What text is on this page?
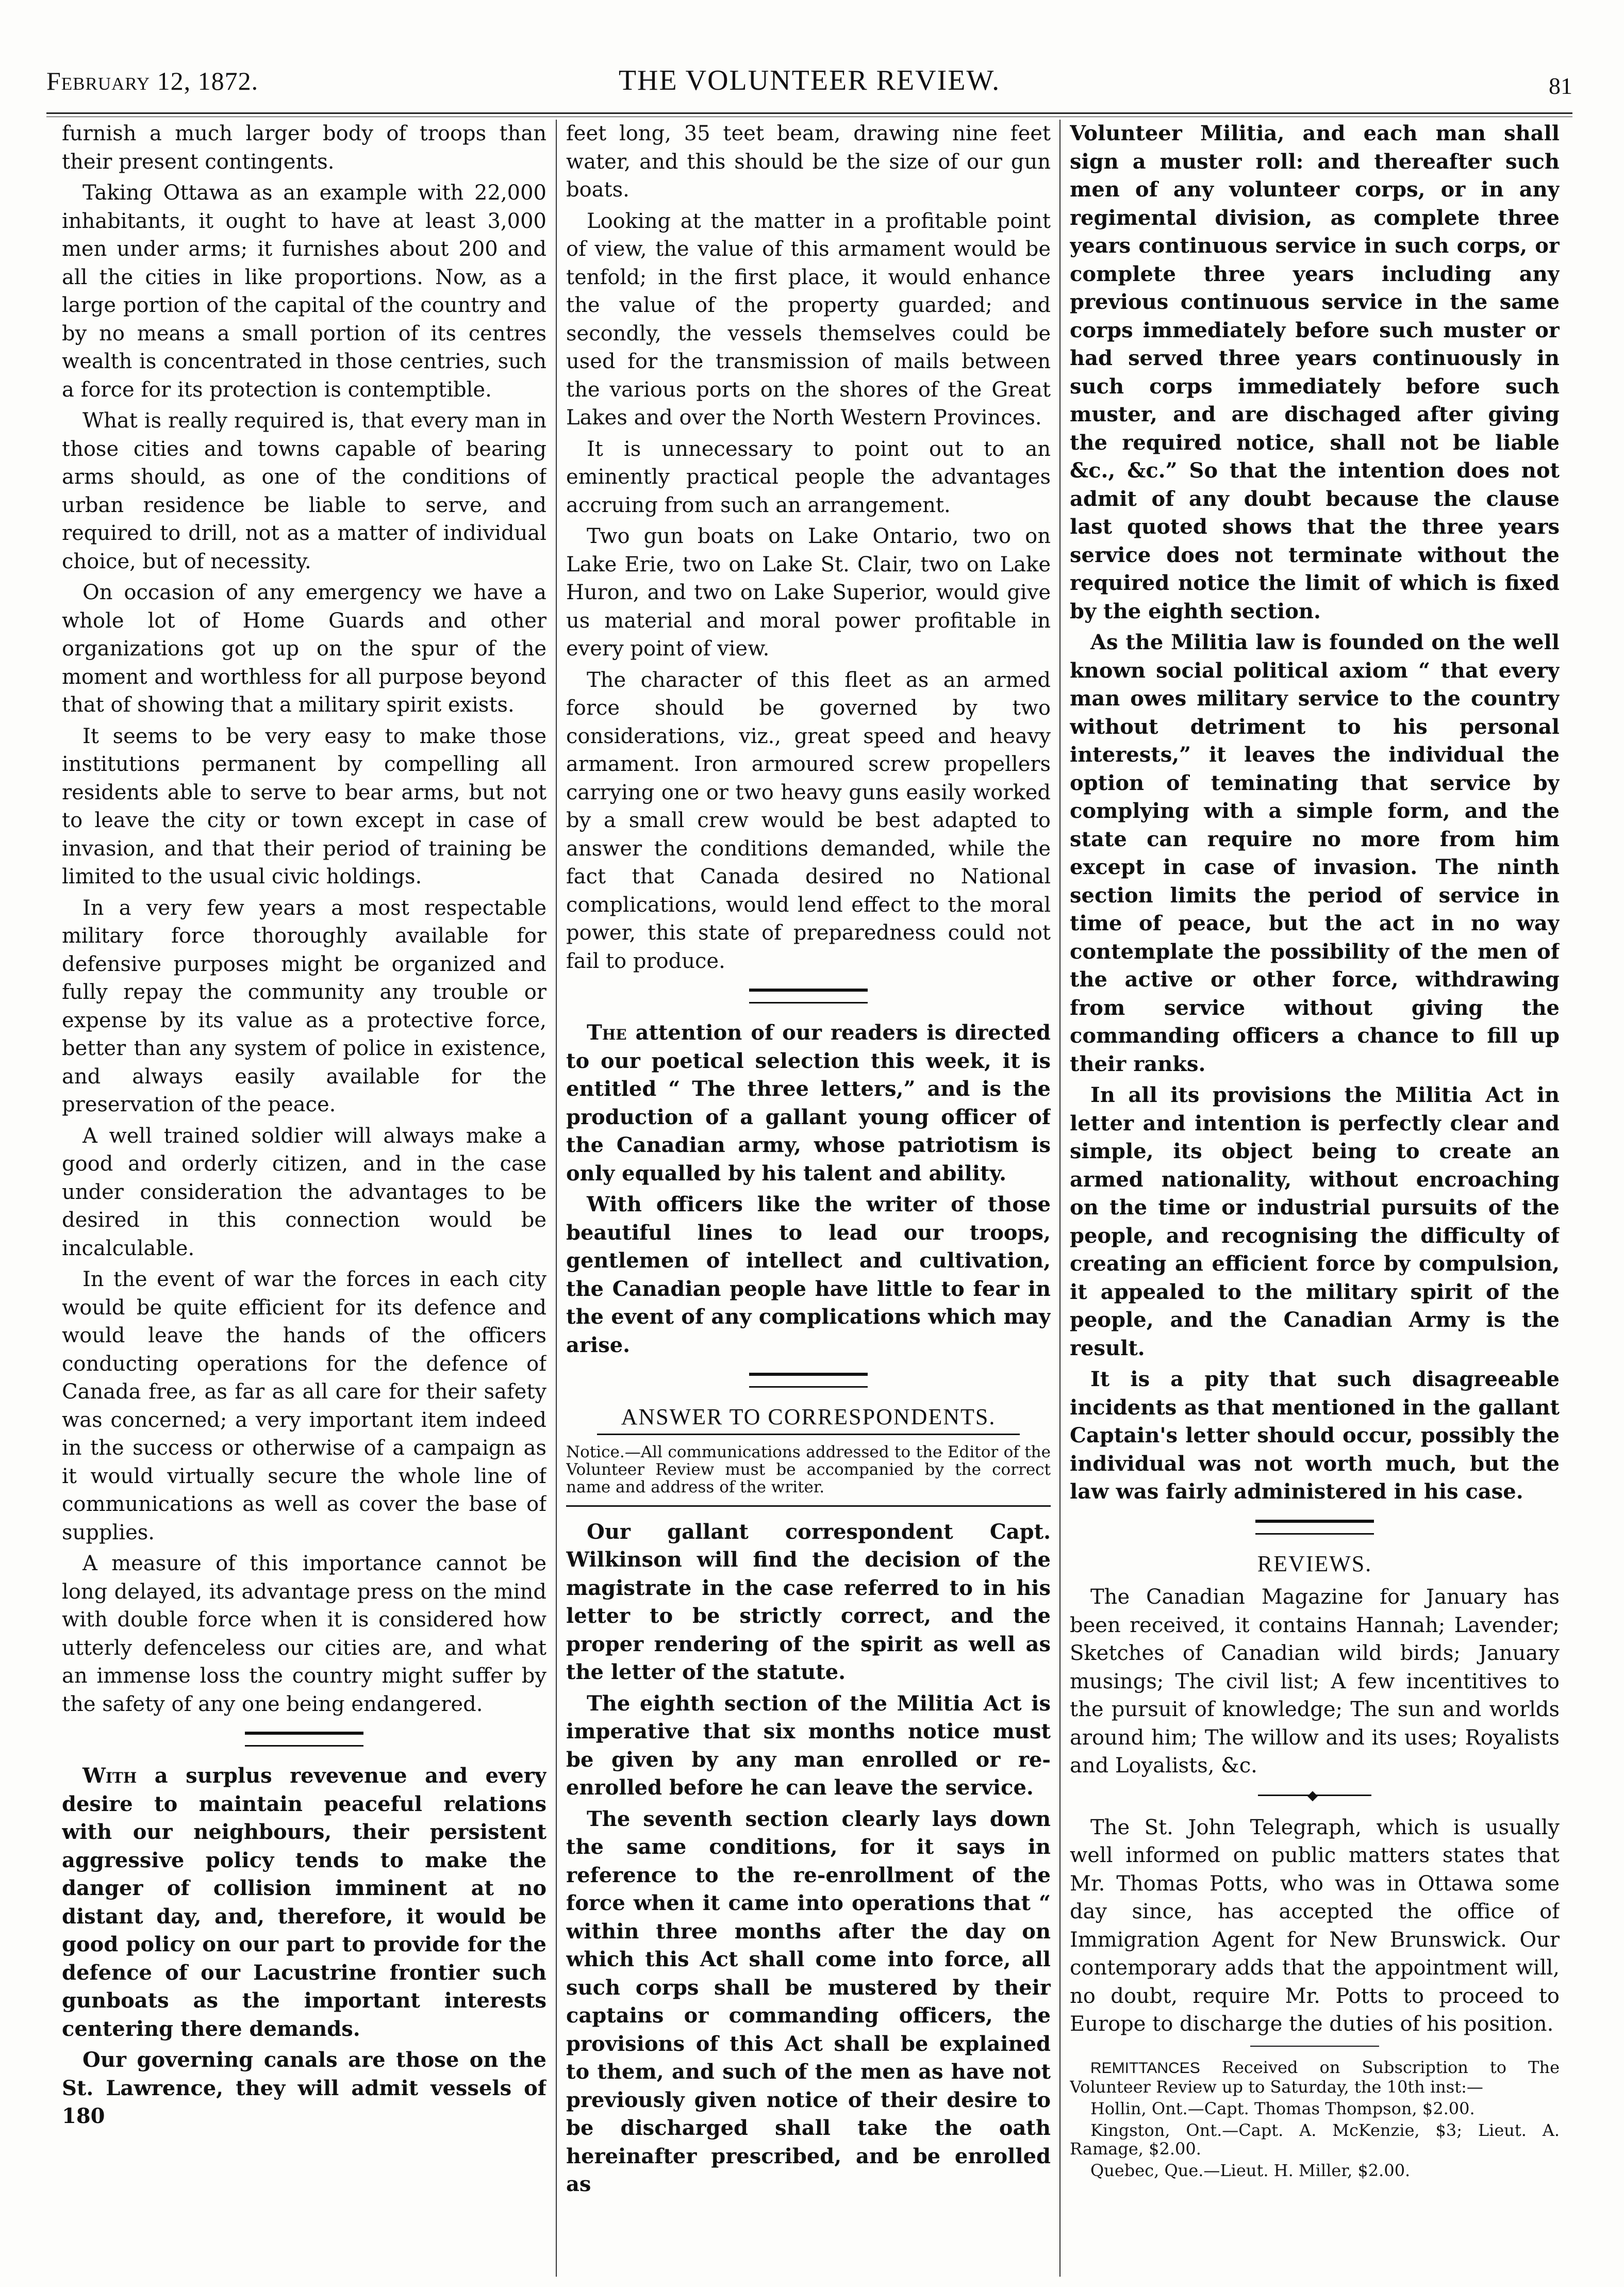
February 12, 1872.	THE VOLUNTEER REVIEW.	81

furnish a much larger body of troops than their present contingents.

Taking Ottawa as an example with 22,000 inhabitants, it ought to have at least 3,000 men under arms; it furnishes about 200 and all the cities in like proportions. Now, as a large portion of the capital of the country and by no means a small portion of its centres wealth is concentrated in those centries, such a force for its protection is contemptible.

What is really required is, that every man in those cities and towns capable of bearing arms should, as one of the conditions of urban residence be liable to serve, and required to drill, not as a matter of individual choice, but of necessity.

On occasion of any emergency we have a whole lot of Home Guards and other organizations got up on the spur of the moment and worthless for all purpose beyond that of showing that a military spirit exists.

It seems to be very easy to make those institutions permanent by compelling all residents able to serve to bear arms, but not to leave the city or town except in case of invasion, and that their period of training be limited to the usual civic holdings.

In a very few years a most respectable military force thoroughly available for defensive purposes might be organized and fully repay the community any trouble or expense by its value as a protective force, better than any system of police in existence, and always easily available for the preservation of the peace.

A well trained soldier will always make a good and orderly citizen, and in the case under consideration the advantages to be desired in this connection would be incalculable.

In the event of war the forces in each city would be quite efficient for its defence and would leave the hands of the officers conducting operations for the defence of Canada free, as far as all care for their safety was concerned; a very important item indeed in the success or otherwise of a campaign as it would virtually secure the whole line of communications as well as cover the base of supplies.

A measure of this importance cannot be long delayed, its advantage press on the mind with double force when it is considered how utterly defenceless our cities are, and what an immense loss the country might suffer by the safety of any one being endangered.

With a surplus revevenue and every desire to maintain peaceful relations with our neighbours, their persistent aggressive policy tends to make the danger of collision imminent at no distant day, and, therefore, it would be good policy on our part to provide for the defence of our Lacustrine frontier such gunboats as the important interests centering there demands.

Our governing canals are those on the St. Lawrence, they will admit vessels of 180

feet long, 35 teet beam, drawing nine feet water, and this should be the size of our gun boats.

Looking at the matter in a profitable point of view, the value of this armament would be tenfold; in the first place, it would enhance the value of the property guarded; and secondly, the vessels themselves could be used for the transmission of mails between the various ports on the shores of the Great Lakes and over the North Western Provinces.

It is unnecessary to point out to an eminently practical people the advantages accruing from such an arrangement.

Two gun boats on Lake Ontario, two on Lake Erie, two on Lake St. Clair, two on Lake Huron, and two on Lake Superior, would give us material and moral power profitable in every point of view.

The character of this fleet as an armed force should be governed by two considerations, viz., great speed and heavy armament. Iron armoured screw propellers carrying one or two heavy guns easily worked by a small crew would be best adapted to answer the conditions demanded, while the fact that Canada desired no National complications, would lend effect to the moral power, this state of preparedness could not fail to produce.

The attention of our readers is directed to our poetical selection this week, it is entitled “ The three letters,” and is the production of a gallant young officer of the Canadian army, whose patriotism is only equalled by his talent and ability.

With officers like the writer of those beautiful lines to lead our troops, gentlemen of intellect and cultivation, the Canadian people have little to fear in the event of any complications which may arise.

ANSWER TO CORRESPONDENTS.
Notice.—All communications addressed to the Editor of the Volunteer Review must be accompanied by the correct name and address of the writer.

Our gallant correspondent Capt. Wilkinson will find the decision of the magistrate in the case referred to in his letter to be strictly correct, and the proper rendering of the spirit as well as the letter of the statute.

The eighth section of the Militia Act is imperative that six months notice must be given by any man enrolled or re-enrolled before he can leave the service.

The seventh section clearly lays down the same conditions, for it says in reference to the re-enrollment of the force when it came into operations that “ within three months after the day on which this Act shall come into force, all such corps shall be mustered by their captains or commanding officers, the provisions of this Act shall be explained to them, and such of the men as have not previously given notice of their desire to be discharged shall take the oath hereinafter prescribed, and be enrolled as

Volunteer Militia, and each man shall sign a muster roll: and thereafter such men of any volunteer corps, or in any regimental division, as complete three years continuous service in such corps, or complete three years including any previous continuous service in the same corps immediately before such muster or had served three years continuously in such corps immediately before such muster, and are dischaged after giving the required notice, shall not be liable &c., &c.” So that the intention does not admit of any doubt because the clause last quoted shows that the three years service does not terminate without the required notice the limit of which is fixed by the eighth section.

As the Militia law is founded on the well known social political axiom “ that every man owes military service to the country without detriment to his personal interests,” it leaves the individual the option of teminating that service by complying with a simple form, and the state can require no more from him except in case of invasion. The ninth section limits the period of service in time of peace, but the act in no way contemplate the possibility of the men of the active or other force, withdrawing from service without giving the commanding officers a chance to fill up their ranks.

In all its provisions the Militia Act in letter and intention is perfectly clear and simple, its object being to create an armed nationality, without encroaching on the time or industrial pursuits of the people, and recognising the difficulty of creating an efficient force by compulsion, it appealed to the military spirit of the people, and the Canadian Army is the result.

It is a pity that such disagreeable incidents as that mentioned in the gallant Captain's letter should occur, possibly the individual was not worth much, but the law was fairly administered in his case.

REVIEWS.

The Canadian Magazine for January has been received, it contains Hannah; Lavender; Sketches of Canadian wild birds; January musings; The civil list; A few incentitives to the pursuit of knowledge; The sun and worlds around him; The willow and its uses; Royalists and Loyalists, &c.

◆

The St. John Telegraph, which is usually well informed on public matters states that Mr. Thomas Potts, who was in Ottawa some day since, has accepted the office of Immigration Agent for New Brunswick. Our contemporary adds that the appointment will, no doubt, require Mr. Potts to proceed to Europe to discharge the duties of his position.

REMITTANCES Received on Subscription to The Volunteer Review up to Saturday, the 10th inst:—

Hollin, Ont.—Capt. Thomas Thompson, $2.00.

Kingston, Ont.—Capt. A. McKenzie, $3; Lieut. A. Ramage, $2.00.

Quebec, Que.—Lieut. H. Miller, $2.00.
